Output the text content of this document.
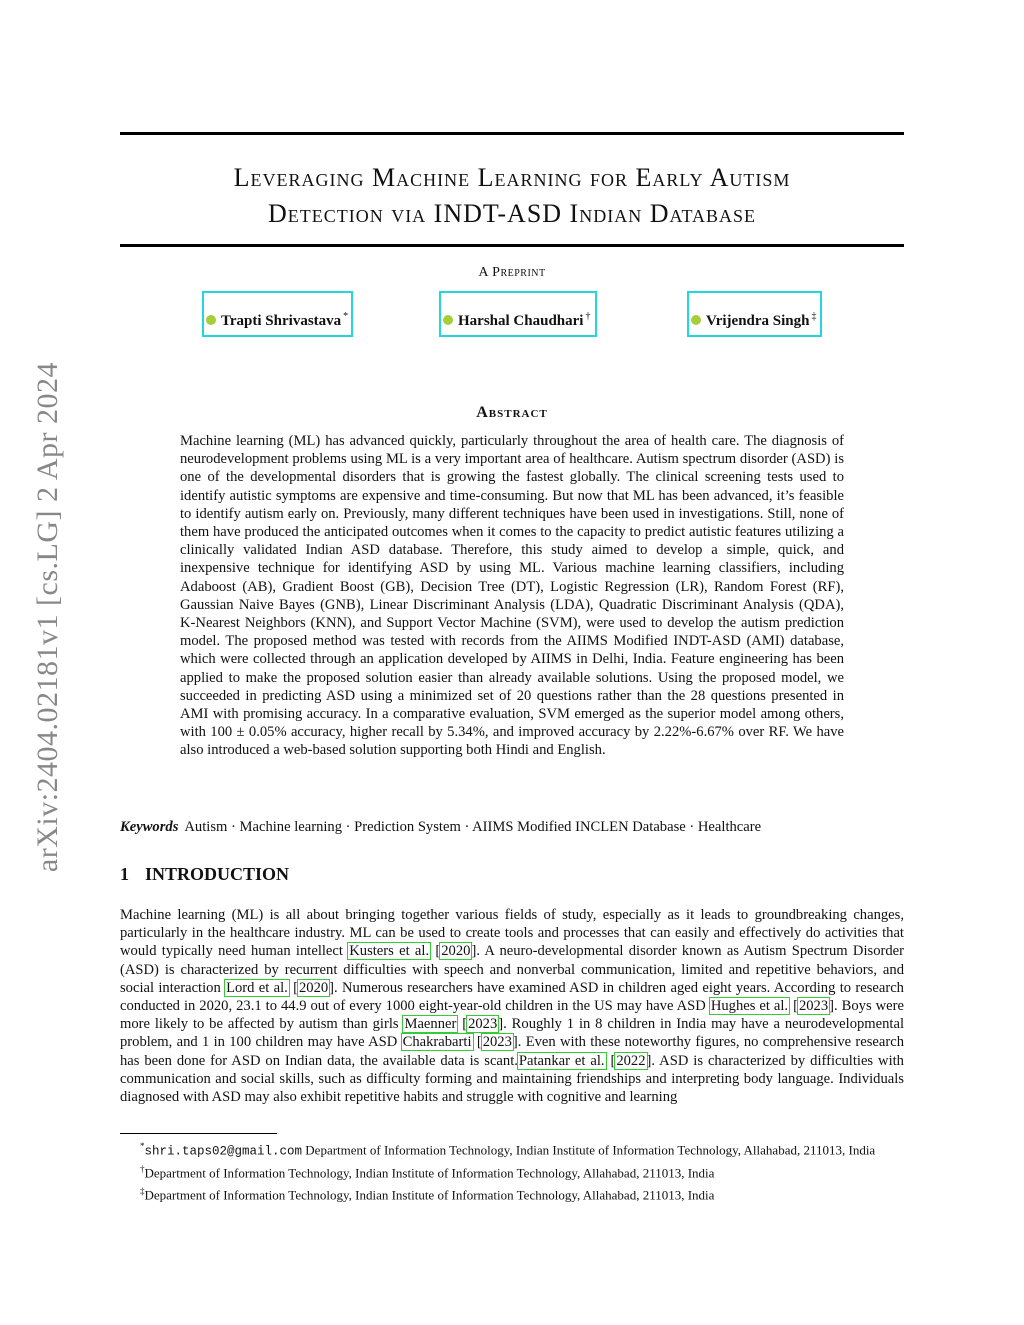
arXiv:2404.02181v1 [cs.LG] 2 Apr 2024
Leveraging Machine Learning for Early Autism
Detection via INDT-ASD Indian Database
A Preprint
Trapti Shrivastava *	Harshal Chaudhari †	Vrijendra Singh ‡
Abstract

Machine learning (ML) has advanced quickly, particularly throughout the area of health care. The diagnosis of neurodevelopment problems using ML is a very important area of healthcare. Autism spectrum disorder (ASD) is one of the developmental disorders that is growing the fastest globally. The clinical screening tests used to identify autistic symptoms are expensive and time-consuming. But now that ML has been advanced, it’s feasible to identify autism early on. Previously, many different techniques have been used in investigations. Still, none of them have produced the anticipated outcomes when it comes to the capacity to predict autistic features utilizing a clinically validated Indian ASD database. Therefore, this study aimed to develop a simple, quick, and inexpensive technique for identifying ASD by using ML. Various machine learning classifiers, including Adaboost (AB), Gradient Boost (GB), Decision Tree (DT), Logistic Regression (LR), Random Forest (RF), Gaussian Naive Bayes (GNB), Linear Discriminant Analysis (LDA), Quadratic Discriminant Analysis (QDA), K-Nearest Neighbors (KNN), and Support Vector Machine (SVM), were used to develop the autism prediction model. The proposed method was tested with records from the AIIMS Modified INDT-ASD (AMI) database, which were collected through an application developed by AIIMS in Delhi, India. Feature engineering has been applied to make the proposed solution easier than already available solutions. Using the proposed model, we succeeded in predicting ASD using a minimized set of 20 questions rather than the 28 questions presented in AMI with promising accuracy. In a comparative evaluation, SVM emerged as the superior model among others, with 100 ± 0.05% accuracy, higher recall by 5.34%, and improved accuracy by 2.22%-6.67% over RF. We have also introduced a web-based solution supporting both Hindi and English.

Keywords Autism · Machine learning · Prediction System · AIIMS Modified INCLEN Database · Healthcare
1 INTRODUCTION

Machine learning (ML) is all about bringing together various fields of study, especially as it leads to groundbreaking changes, particularly in the healthcare industry. ML can be used to create tools and processes that can easily and effectively do activities that would typically need human intellect Kusters et al. [2020]. A neuro-developmental disorder known as Autism Spectrum Disorder (ASD) is characterized by recurrent difficulties with speech and nonverbal communication, limited and repetitive behaviors, and social interaction Lord et al. [2020]. Numerous researchers have examined ASD in children aged eight years. According to research conducted in 2020, 23.1 to 44.9 out of every 1000 eight-year-old children in the US may have ASD Hughes et al. [2023]. Boys were more likely to be affected by autism than girls Maenner [2023]. Roughly 1 in 8 children in India may have a neurodevelopmental problem, and 1 in 100 children may have ASD Chakrabarti [2023]. Even with these noteworthy figures, no comprehensive research has been done for ASD on Indian data, the available data is scant.Patankar et al. [2022]. ASD is characterized by difficulties with communication and social skills, such as difficulty forming and maintaining friendships and interpreting body language. Individuals diagnosed with ASD may also exhibit repetitive habits and struggle with cognitive and learning

*shri.taps02@gmail.com Department of Information Technology, Indian Institute of Information Technology, Allahabad, 211013, India

†Department of Information Technology, Indian Institute of Information Technology, Allahabad, 211013, India

‡Department of Information Technology, Indian Institute of Information Technology, Allahabad, 211013, India
